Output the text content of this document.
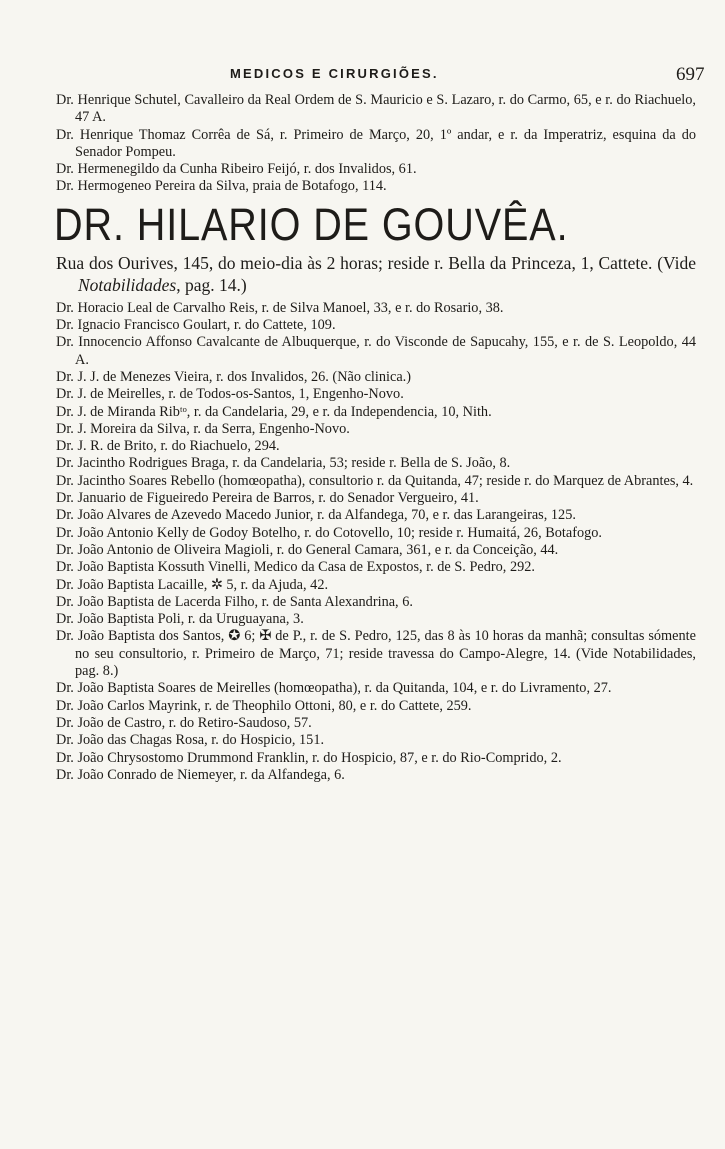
MEDICOS E CIRURGIÕES.	697
Dr. Henrique Schutel, Cavalleiro da Real Ordem de S. Mauricio e S. Lazaro, r. do Carmo, 65, e r. do Riachuelo, 47 A.
Dr. Henrique Thomaz Corrêa de Sá, r. Primeiro de Março, 20, 1º andar, e r. da Imperatriz, esquina da do Senador Pompeu.
Dr. Hermenegildo da Cunha Ribeiro Feijó, r. dos Invalidos, 61.
Dr. Hermogeneo Pereira da Silva, praia de Botafogo, 114.
DR. HILARIO DE GOUVÊA.
Rua dos Ourives, 145, do meio-dia às 2 horas; reside r. Bella da Princeza, 1, Cattete. (Vide Notabilidades, pag. 14.)
Dr. Horacio Leal de Carvalho Reis, r. de Silva Manoel, 33, e r. do Rosario, 38.
Dr. Ignacio Francisco Goulart, r. do Cattete, 109.
Dr. Innocencio Affonso Cavalcante de Albuquerque, r. do Visconde de Sapucahy, 155, e r. de S. Leopoldo, 44 A.
Dr. J. J. de Menezes Vieira, r. dos Invalidos, 26. (Não clinica.)
Dr. J. de Meirelles, r. de Todos-os-Santos, 1, Engenho-Novo.
Dr. J. de Miranda Ribᵗᵒ, r. da Candelaria, 29, e r. da Independencia, 10, Nith.
Dr. J. Moreira da Silva, r. da Serra, Engenho-Novo.
Dr. J. R. de Brito, r. do Riachuelo, 294.
Dr. Jacintho Rodrigues Braga, r. da Candelaria, 53; reside r. Bella de S. João, 8.
Dr. Jacintho Soares Rebello (homœopatha), consultorio r. da Quitanda, 47; reside r. do Marquez de Abrantes, 4.
Dr. Januario de Figueiredo Pereira de Barros, r. do Senador Vergueiro, 41.
Dr. João Alvares de Azevedo Macedo Junior, r. da Alfandega, 70, e r. das Larangeiras, 125.
Dr. João Antonio Kelly de Godoy Botelho, r. do Cotovello, 10; reside r. Humaitá, 26, Botafogo.
Dr. João Antonio de Oliveira Magioli, r. do General Camara, 361, e r. da Conceição, 44.
Dr. João Baptista Kossuth Vinelli, Medico da Casa de Expostos, r. de S. Pedro, 292.
Dr. João Baptista Lacaille, ✲ 5, r. da Ajuda, 42.
Dr. João Baptista de Lacerda Filho, r. de Santa Alexandrina, 6.
Dr. João Baptista Poli, r. da Uruguayana, 3.
Dr. João Baptista dos Santos, ✪ 6; ✠ de P., r. de S. Pedro, 125, das 8 às 10 horas da manhã; consultas sómente no seu consultorio, r. Primeiro de Março, 71; reside travessa do Campo-Alegre, 14. (Vide Notabilidades, pag. 8.)
Dr. João Baptista Soares de Meirelles (homœopatha), r. da Quitanda, 104, e r. do Livramento, 27.
Dr. João Carlos Mayrink, r. de Theophilo Ottoni, 80, e r. do Cattete, 259.
Dr. João de Castro, r. do Retiro-Saudoso, 57.
Dr. João das Chagas Rosa, r. do Hospicio, 151.
Dr. João Chrysostomo Drummond Franklin, r. do Hospicio, 87, e r. do Rio-Comprido, 2.
Dr. João Conrado de Niemeyer, r. da Alfandega, 6.
